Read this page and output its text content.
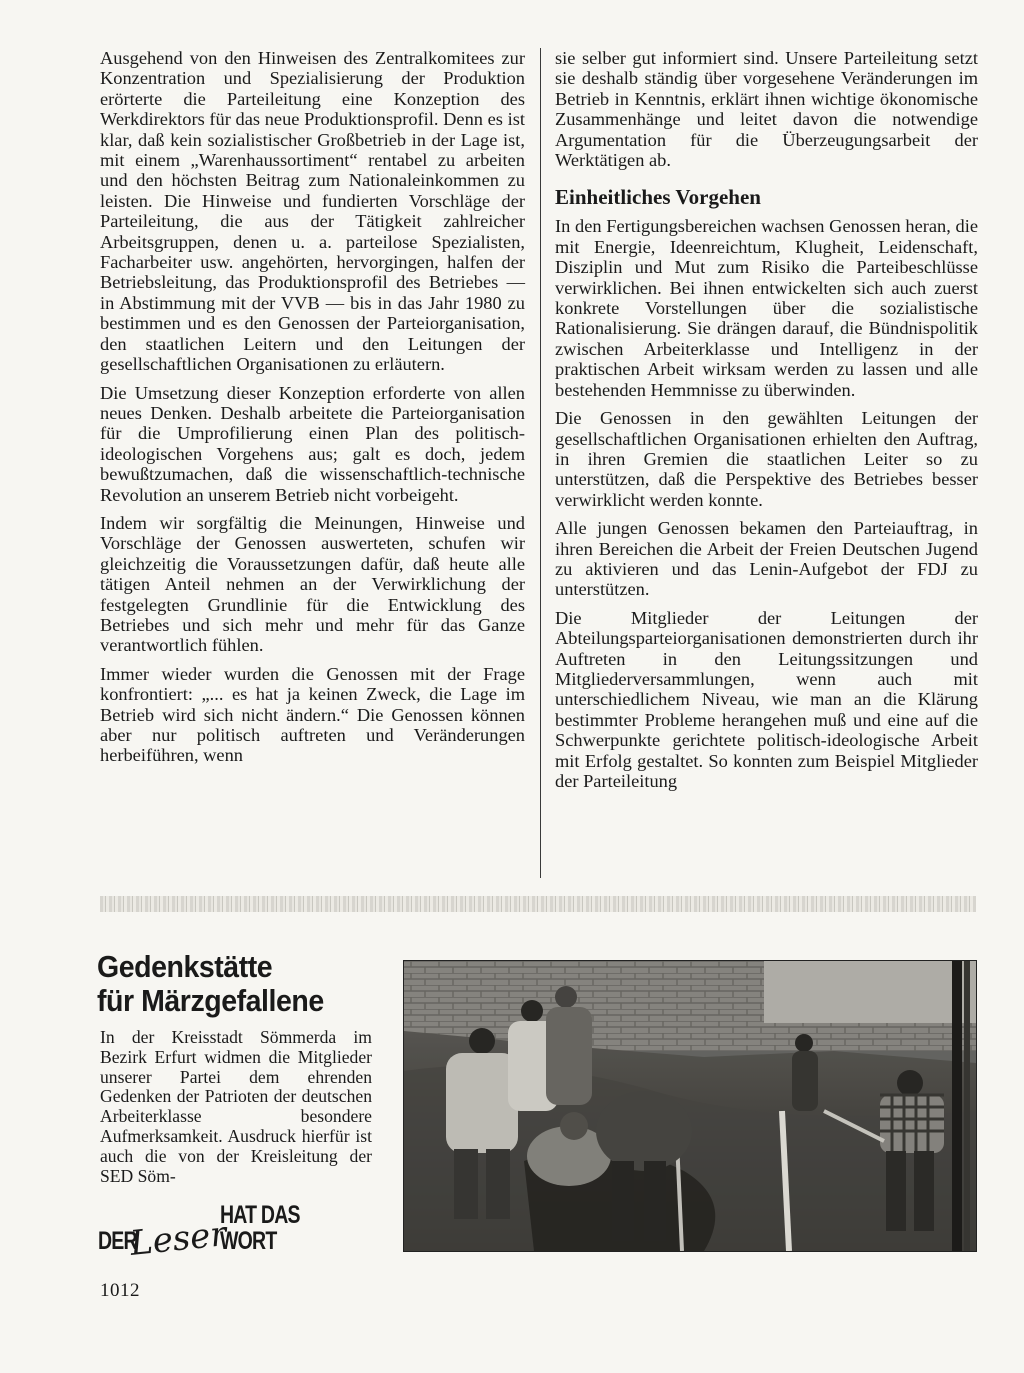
Ausgehend von den Hinweisen des Zentralkomitees zur Konzentration und Spezialisierung der Produktion erörterte die Parteileitung eine Konzeption des Werkdirektors für das neue Produktionsprofil. Denn es ist klar, daß kein sozialistischer Großbetrieb in der Lage ist, mit einem „Warenhaussortiment“ rentabel zu arbeiten und den höchsten Beitrag zum Nationaleinkommen zu leisten. Die Hinweise und fundierten Vorschläge der Parteileitung, die aus der Tätigkeit zahlreicher Arbeitsgruppen, denen u. a. parteilose Spezialisten, Facharbeiter usw. angehörten, hervorgingen, halfen der Betriebsleitung, das Produktionsprofil des Betriebes — in Abstimmung mit der VVB — bis in das Jahr 1980 zu bestimmen und es den Genossen der Parteiorganisation, den staatlichen Leitern und den Leitungen der gesellschaftlichen Organisationen zu erläutern.

Die Umsetzung dieser Konzeption erforderte von allen neues Denken. Deshalb arbeitete die Parteiorganisation für die Umprofilierung einen Plan des politisch-ideologischen Vorgehens aus; galt es doch, jedem bewußtzumachen, daß die wissenschaftlich-technische Revolution an unserem Betrieb nicht vorbeigeht.

Indem wir sorgfältig die Meinungen, Hinweise und Vorschläge der Genossen auswerteten, schufen wir gleichzeitig die Voraussetzungen dafür, daß heute alle tätigen Anteil nehmen an der Verwirklichung der festgelegten Grundlinie für die Entwicklung des Betriebes und sich mehr und mehr für das Ganze verantwortlich fühlen.

Immer wieder wurden die Genossen mit der Frage konfrontiert: „... es hat ja keinen Zweck, die Lage im Betrieb wird sich nicht ändern.“ Die Genossen können aber nur politisch auftreten und Veränderungen herbeiführen, wenn

sie selber gut informiert sind. Unsere Parteileitung setzt sie deshalb ständig über vorgesehene Veränderungen im Betrieb in Kenntnis, erklärt ihnen wichtige ökonomische Zusammenhänge und leitet davon die notwendige Argumentation für die Überzeugungsarbeit der Werktätigen ab.

Einheitliches Vorgehen

In den Fertigungsbereichen wachsen Genossen heran, die mit Energie, Ideenreichtum, Klugheit, Leidenschaft, Disziplin und Mut zum Risiko die Parteibeschlüsse verwirklichen. Bei ihnen entwickelten sich auch zuerst konkrete Vorstellungen über die sozialistische Rationalisierung. Sie drängen darauf, die Bündnispolitik zwischen Arbeiterklasse und Intelligenz in der praktischen Arbeit wirksam werden zu lassen und alle bestehenden Hemmnisse zu überwinden.

Die Genossen in den gewählten Leitungen der gesellschaftlichen Organisationen erhielten den Auftrag, in ihren Gremien die staatlichen Leiter so zu unterstützen, daß die Perspektive des Betriebes besser verwirklicht werden konnte.

Alle jungen Genossen bekamen den Parteiauftrag, in ihren Bereichen die Arbeit der Freien Deutschen Jugend zu aktivieren und das Lenin-Aufgebot der FDJ zu unterstützen.

Die Mitglieder der Leitungen der Abteilungsparteiorganisationen demonstrierten durch ihr Auftreten in den Leitungssitzungen und Mitgliederversammlungen, wenn auch mit unterschiedlichem Niveau, wie man an die Klärung bestimmter Probleme herangehen muß und eine auf die Schwerpunkte gerichtete politisch-ideologische Arbeit mit Erfolg gestaltet. So konnten zum Beispiel Mitglieder der Parteileitung

Gedenkstätte
für Märzgefallene

In der Kreisstadt Sömmerda im Bezirk Erfurt widmen die Mitglieder unserer Partei dem ehrenden Gedenken der Patrioten der deutschen Arbeiterklasse besondere Aufmerksamkeit. Ausdruck hierfür ist auch die von der Kreisleitung der SED Söm-

DER
Leser
HAT DAS WORT
1012
